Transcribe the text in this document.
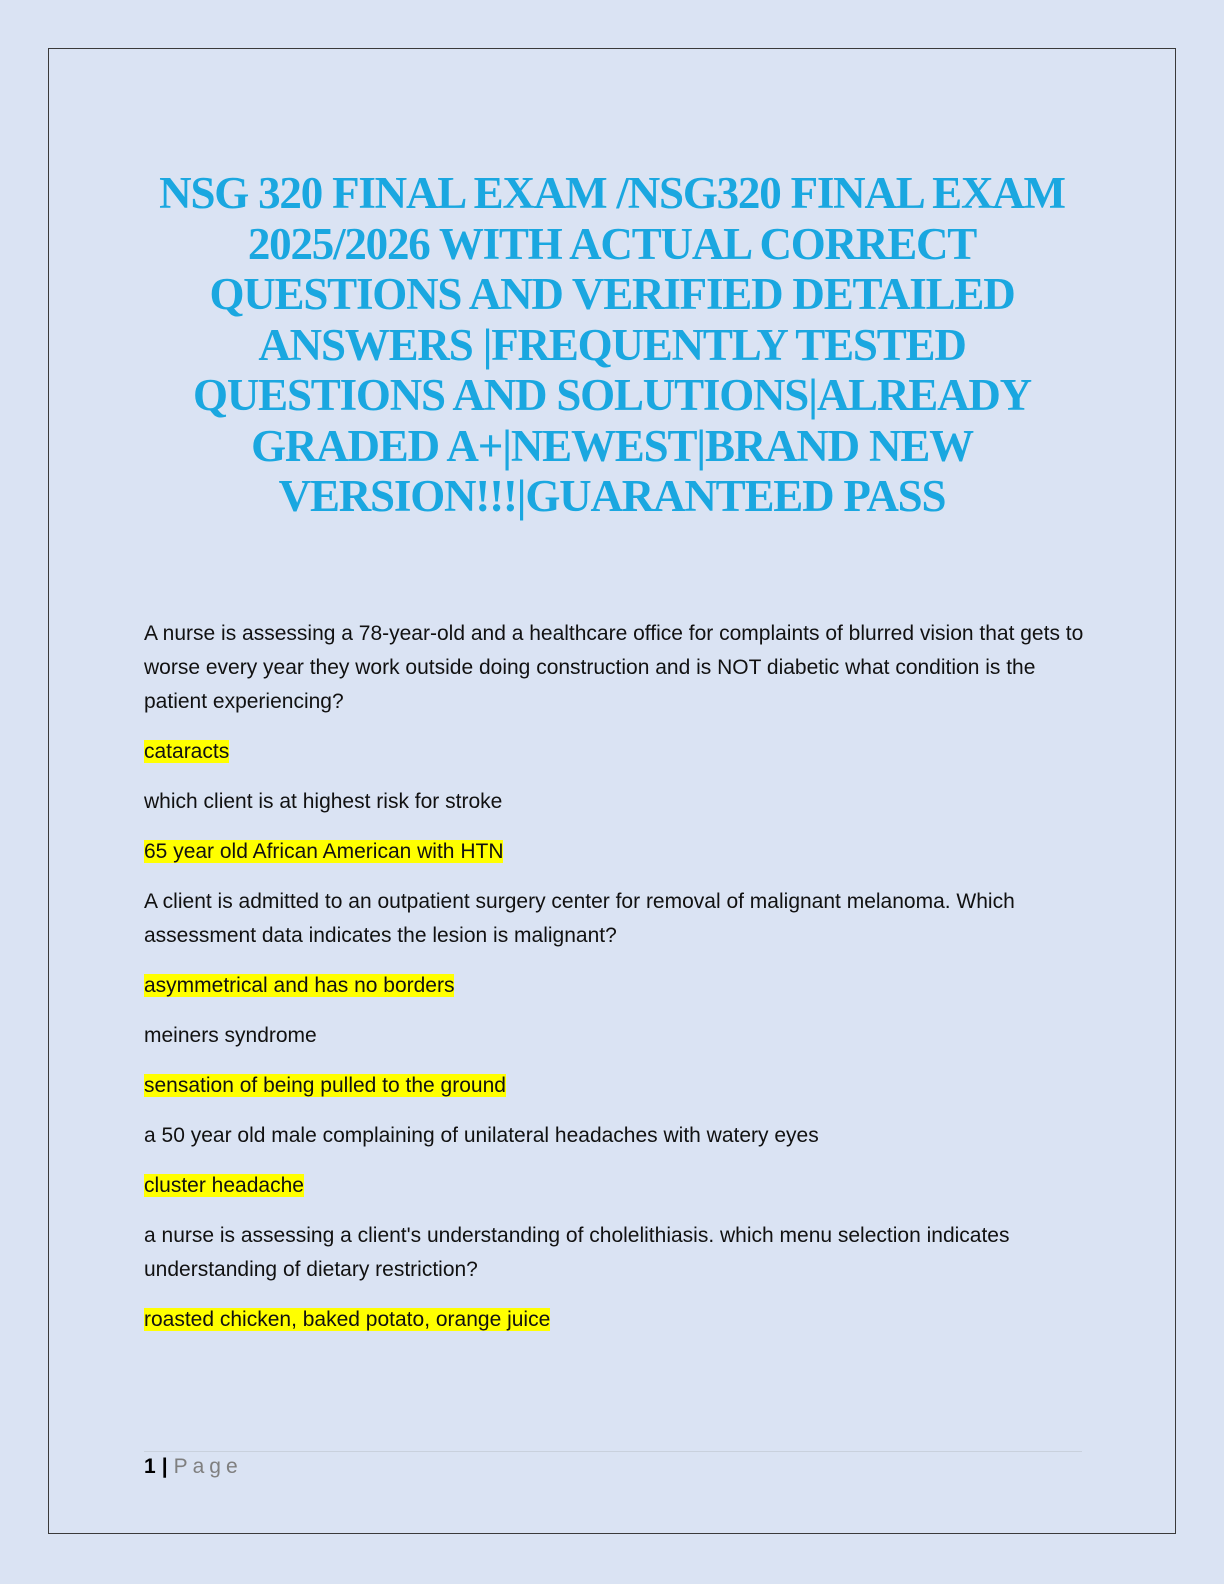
NSG 320 FINAL EXAM /NSG320 FINAL EXAM 2025/2026 WITH ACTUAL CORRECT QUESTIONS AND VERIFIED DETAILED ANSWERS |FREQUENTLY TESTED QUESTIONS AND SOLUTIONS|ALREADY GRADED A+|NEWEST|BRAND NEW VERSION!!!|GUARANTEED PASS

A nurse is assessing a 78-year-old and a healthcare office for complaints of blurred vision that gets to worse every year they work outside doing construction and is NOT diabetic what condition is the patient experiencing?

cataracts

which client is at highest risk for stroke

65 year old African American with HTN

A client is admitted to an outpatient surgery center for removal of malignant melanoma. Which assessment data indicates the lesion is malignant?

asymmetrical and has no borders

meiners syndrome

sensation of being pulled to the ground

a 50 year old male complaining of unilateral headaches with watery eyes

cluster headache

a nurse is assessing a client's understanding of cholelithiasis. which menu selection indicates understanding of dietary restriction?

roasted chicken, baked potato, orange juice

1 | Page
